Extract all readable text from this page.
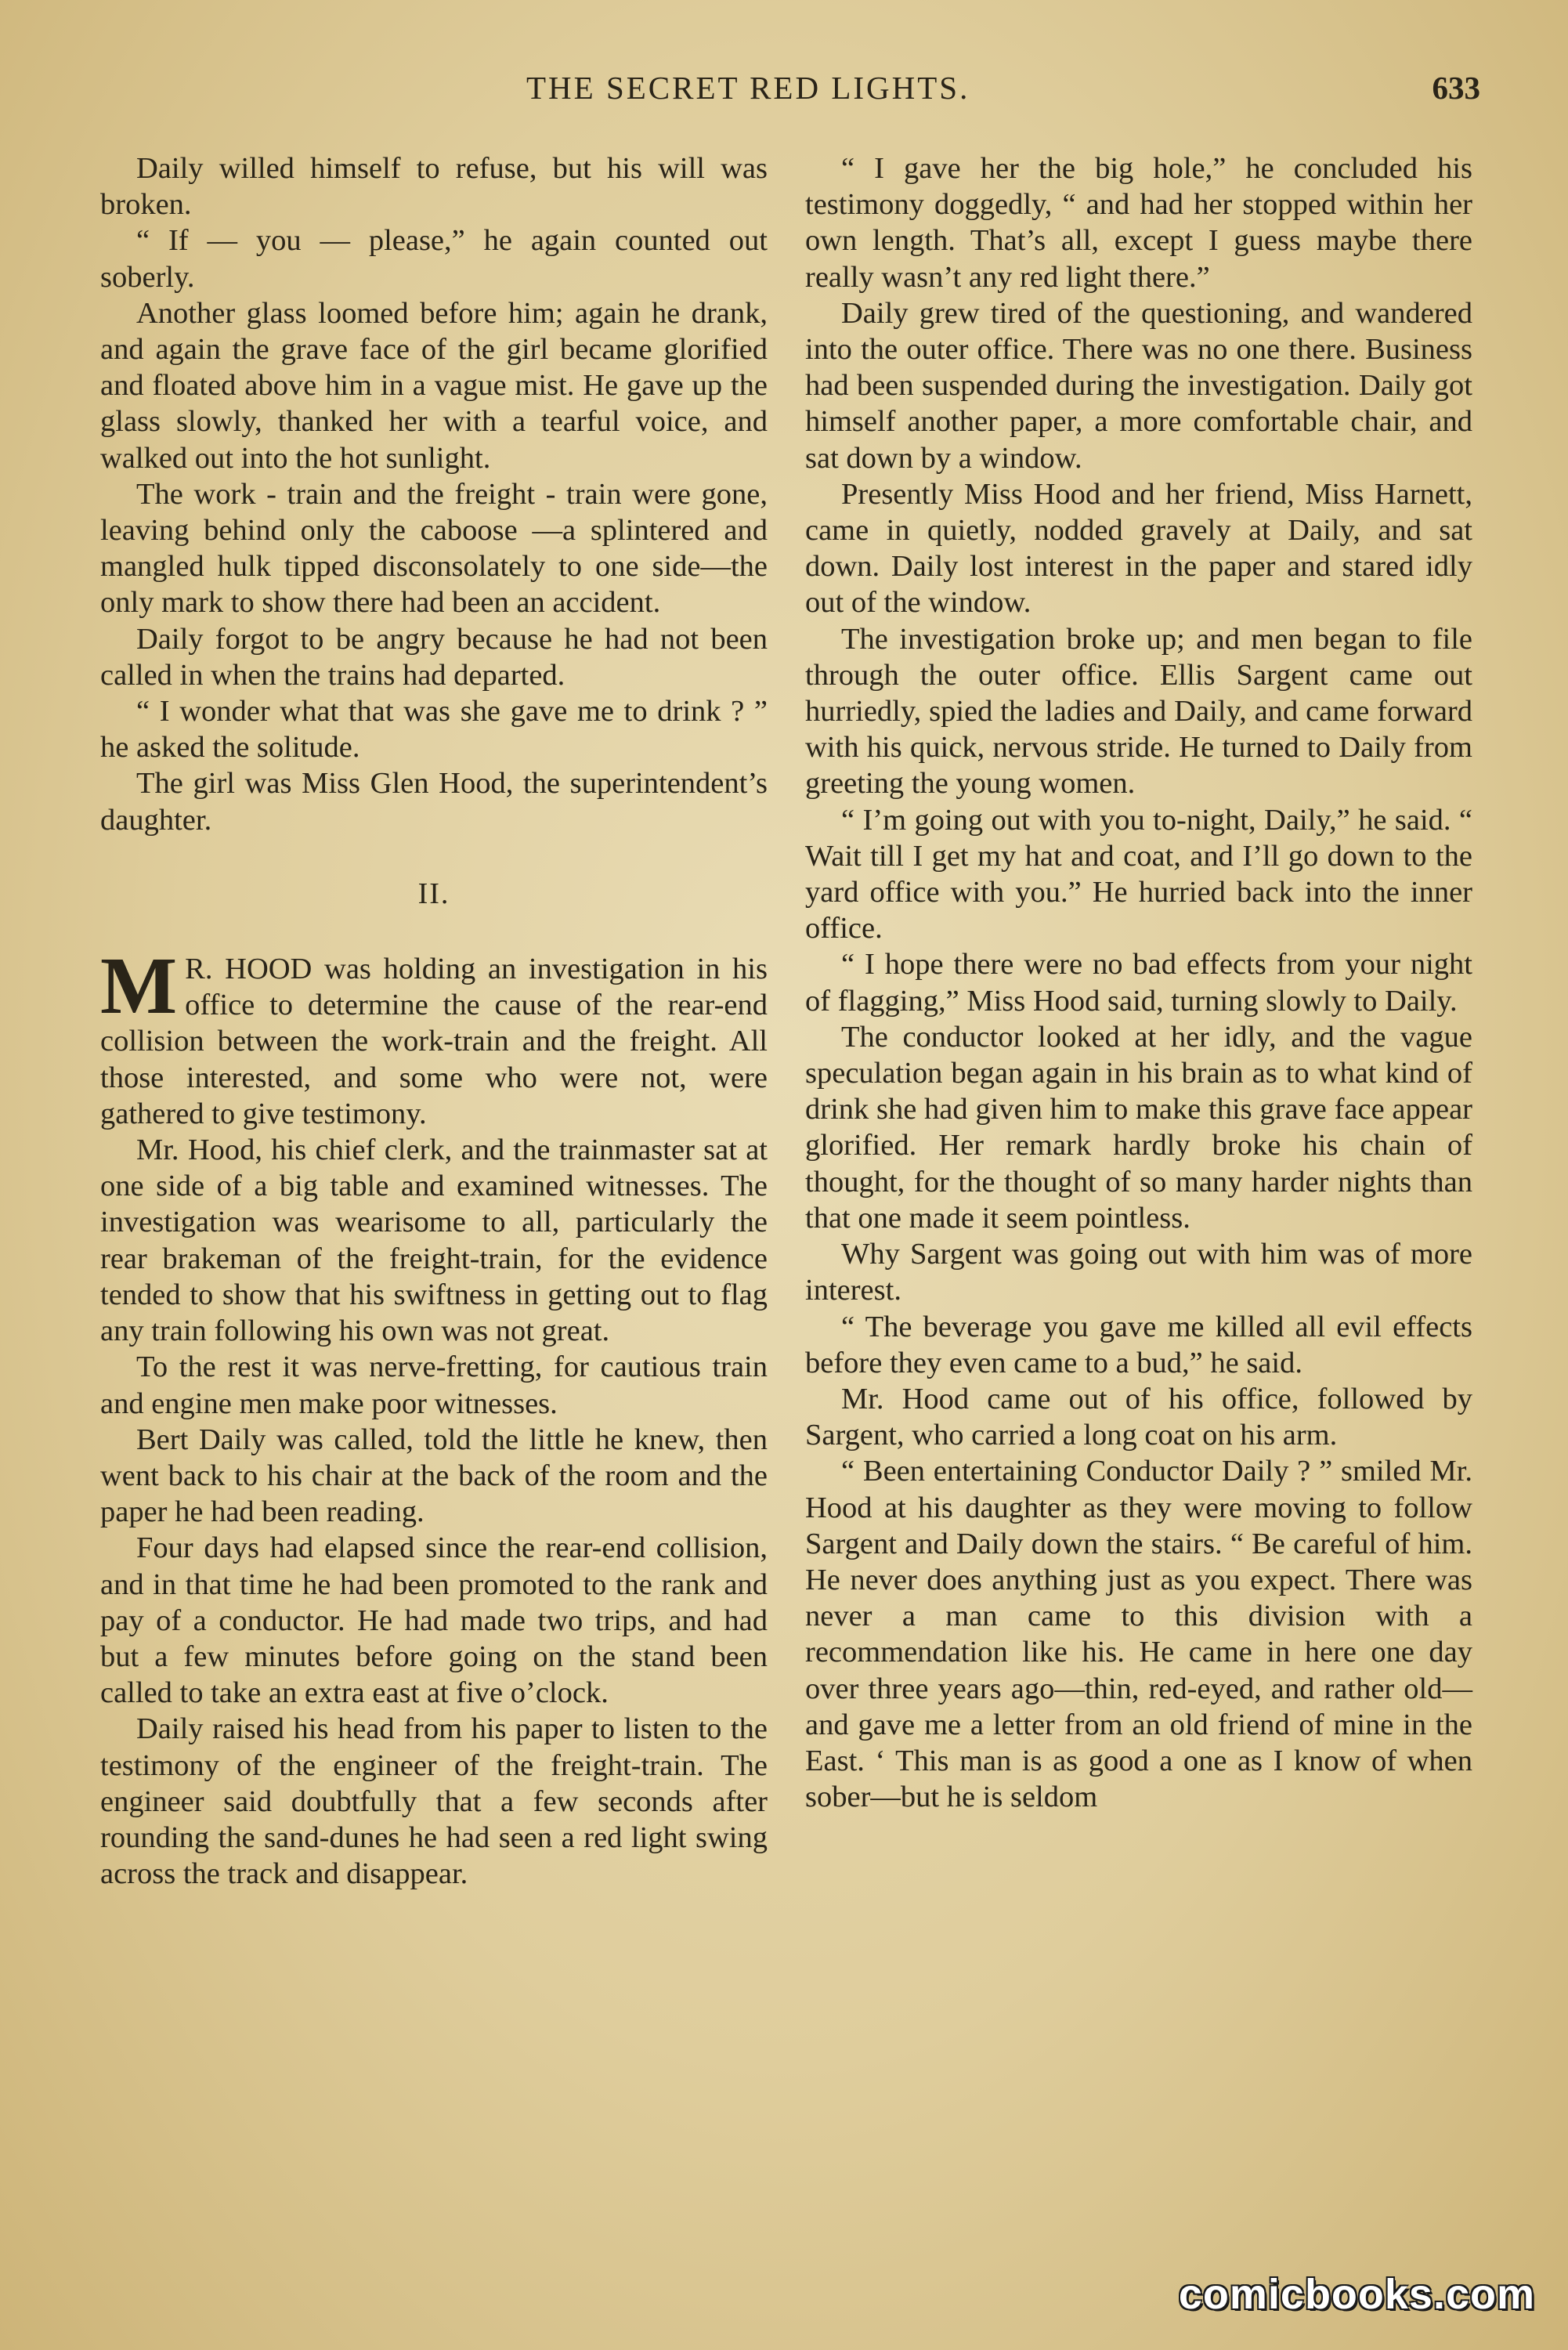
THE SECRET RED LIGHTS.	633

Daily willed himself to refuse, but his will was broken.

“ If — you — please,” he again counted out soberly.

Another glass loomed before him; again he drank, and again the grave face of the girl became glorified and floated above him in a vague mist. He gave up the glass slowly, thanked her with a tearful voice, and walked out into the hot sunlight.

The work - train and the freight - train were gone, leaving behind only the caboose —a splintered and mangled hulk tipped disconsolately to one side—the only mark to show there had been an accident.

Daily forgot to be angry because he had not been called in when the trains had departed.

“ I wonder what that was she gave me to drink ? ” he asked the solitude.

The girl was Miss Glen Hood, the superintendent’s daughter.

II.

M R. HOOD was holding an investigation in his office to determine the cause of the rear-end collision between the work-train and the freight. All those interested, and some who were not, were gathered to give testimony.

Mr. Hood, his chief clerk, and the trainmaster sat at one side of a big table and examined witnesses. The investigation was wearisome to all, particularly the rear brakeman of the freight-train, for the evidence tended to show that his swiftness in getting out to flag any train following his own was not great.

To the rest it was nerve-fretting, for cautious train and engine men make poor witnesses.

Bert Daily was called, told the little he knew, then went back to his chair at the back of the room and the paper he had been reading.

Four days had elapsed since the rear-end collision, and in that time he had been promoted to the rank and pay of a conductor. He had made two trips, and had but a few minutes before going on the stand been called to take an extra east at five o’clock.

Daily raised his head from his paper to listen to the testimony of the engineer of the freight-train. The engineer said doubtfully that a few seconds after rounding the sand-dunes he had seen a red light swing across the track and disappear.

“ I gave her the big hole,” he concluded his testimony doggedly, “ and had her stopped within her own length. That’s all, except I guess maybe there really wasn’t any red light there.”

Daily grew tired of the questioning, and wandered into the outer office. There was no one there. Business had been suspended during the investigation. Daily got himself another paper, a more comfortable chair, and sat down by a window.

Presently Miss Hood and her friend, Miss Harnett, came in quietly, nodded gravely at Daily, and sat down. Daily lost interest in the paper and stared idly out of the window.

The investigation broke up; and men began to file through the outer office. Ellis Sargent came out hurriedly, spied the ladies and Daily, and came forward with his quick, nervous stride. He turned to Daily from greeting the young women.

“ I’m going out with you to-night, Daily,” he said. “ Wait till I get my hat and coat, and I’ll go down to the yard office with you.” He hurried back into the inner office.

“ I hope there were no bad effects from your night of flagging,” Miss Hood said, turning slowly to Daily.

The conductor looked at her idly, and the vague speculation began again in his brain as to what kind of drink she had given him to make this grave face appear glorified. Her remark hardly broke his chain of thought, for the thought of so many harder nights than that one made it seem pointless.

Why Sargent was going out with him was of more interest.

“ The beverage you gave me killed all evil effects before they even came to a bud,” he said.

Mr. Hood came out of his office, followed by Sargent, who carried a long coat on his arm.

“ Been entertaining Conductor Daily ? ” smiled Mr. Hood at his daughter as they were moving to follow Sargent and Daily down the stairs. “ Be careful of him. He never does anything just as you expect. There was never a man came to this division with a recommendation like his. He came in here one day over three years ago—thin, red-eyed, and rather old—and gave me a letter from an old friend of mine in the East. ‘ This man is as good a one as I know of when sober—but he is seldom

comicbooks.com
